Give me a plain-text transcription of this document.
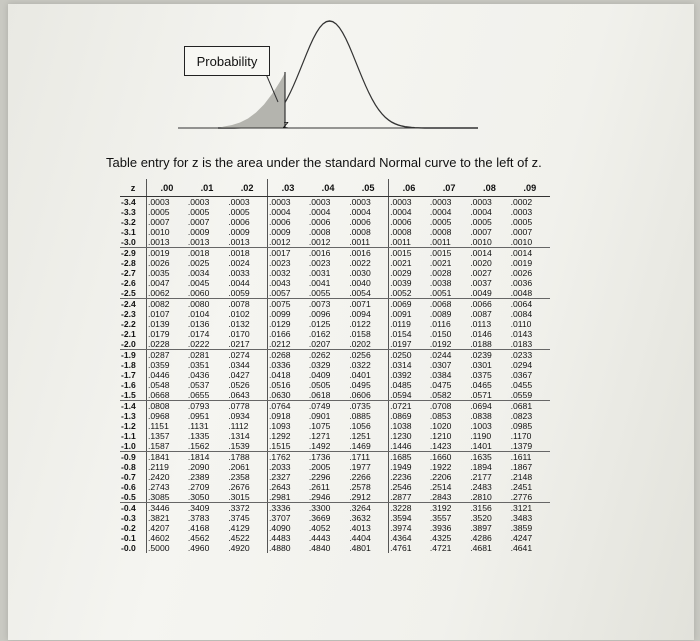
Probability
z
Table entry for z is the area under the standard Normal curve to the left of z.
z	.00	.01	.02	.03	.04	.05	.06	.07	.08	.09
-3.4	.0003	.0003	.0003	.0003	.0003	.0003	.0003	.0003	.0003	.0002
-3.3	.0005	.0005	.0005	.0004	.0004	.0004	.0004	.0004	.0004	.0003
-3.2	.0007	.0007	.0006	.0006	.0006	.0006	.0006	.0005	.0005	.0005
-3.1	.0010	.0009	.0009	.0009	.0008	.0008	.0008	.0008	.0007	.0007
-3.0	.0013	.0013	.0013	.0012	.0012	.0011	.0011	.0011	.0010	.0010
-2.9	.0019	.0018	.0018	.0017	.0016	.0016	.0015	.0015	.0014	.0014
-2.8	.0026	.0025	.0024	.0023	.0023	.0022	.0021	.0021	.0020	.0019
-2.7	.0035	.0034	.0033	.0032	.0031	.0030	.0029	.0028	.0027	.0026
-2.6	.0047	.0045	.0044	.0043	.0041	.0040	.0039	.0038	.0037	.0036
-2.5	.0062	.0060	.0059	.0057	.0055	.0054	.0052	.0051	.0049	.0048
-2.4	.0082	.0080	.0078	.0075	.0073	.0071	.0069	.0068	.0066	.0064
-2.3	.0107	.0104	.0102	.0099	.0096	.0094	.0091	.0089	.0087	.0084
-2.2	.0139	.0136	.0132	.0129	.0125	.0122	.0119	.0116	.0113	.0110
-2.1	.0179	.0174	.0170	.0166	.0162	.0158	.0154	.0150	.0146	.0143
-2.0	.0228	.0222	.0217	.0212	.0207	.0202	.0197	.0192	.0188	.0183
-1.9	.0287	.0281	.0274	.0268	.0262	.0256	.0250	.0244	.0239	.0233
-1.8	.0359	.0351	.0344	.0336	.0329	.0322	.0314	.0307	.0301	.0294
-1.7	.0446	.0436	.0427	.0418	.0409	.0401	.0392	.0384	.0375	.0367
-1.6	.0548	.0537	.0526	.0516	.0505	.0495	.0485	.0475	.0465	.0455
-1.5	.0668	.0655	.0643	.0630	.0618	.0606	.0594	.0582	.0571	.0559
-1.4	.0808	.0793	.0778	.0764	.0749	.0735	.0721	.0708	.0694	.0681
-1.3	.0968	.0951	.0934	.0918	.0901	.0885	.0869	.0853	.0838	.0823
-1.2	.1151	.1131	.1112	.1093	.1075	.1056	.1038	.1020	.1003	.0985
-1.1	.1357	.1335	.1314	.1292	.1271	.1251	.1230	.1210	.1190	.1170
-1.0	.1587	.1562	.1539	.1515	.1492	.1469	.1446	.1423	.1401	.1379
-0.9	.1841	.1814	.1788	.1762	.1736	.1711	.1685	.1660	.1635	.1611
-0.8	.2119	.2090	.2061	.2033	.2005	.1977	.1949	.1922	.1894	.1867
-0.7	.2420	.2389	.2358	.2327	.2296	.2266	.2236	.2206	.2177	.2148
-0.6	.2743	.2709	.2676	.2643	.2611	.2578	.2546	.2514	.2483	.2451
-0.5	.3085	.3050	.3015	.2981	.2946	.2912	.2877	.2843	.2810	.2776
-0.4	.3446	.3409	.3372	.3336	.3300	.3264	.3228	.3192	.3156	.3121
-0.3	.3821	.3783	.3745	.3707	.3669	.3632	.3594	.3557	.3520	.3483
-0.2	.4207	.4168	.4129	.4090	.4052	.4013	.3974	.3936	.3897	.3859
-0.1	.4602	.4562	.4522	.4483	.4443	.4404	.4364	.4325	.4286	.4247
-0.0	.5000	.4960	.4920	.4880	.4840	.4801	.4761	.4721	.4681	.4641
